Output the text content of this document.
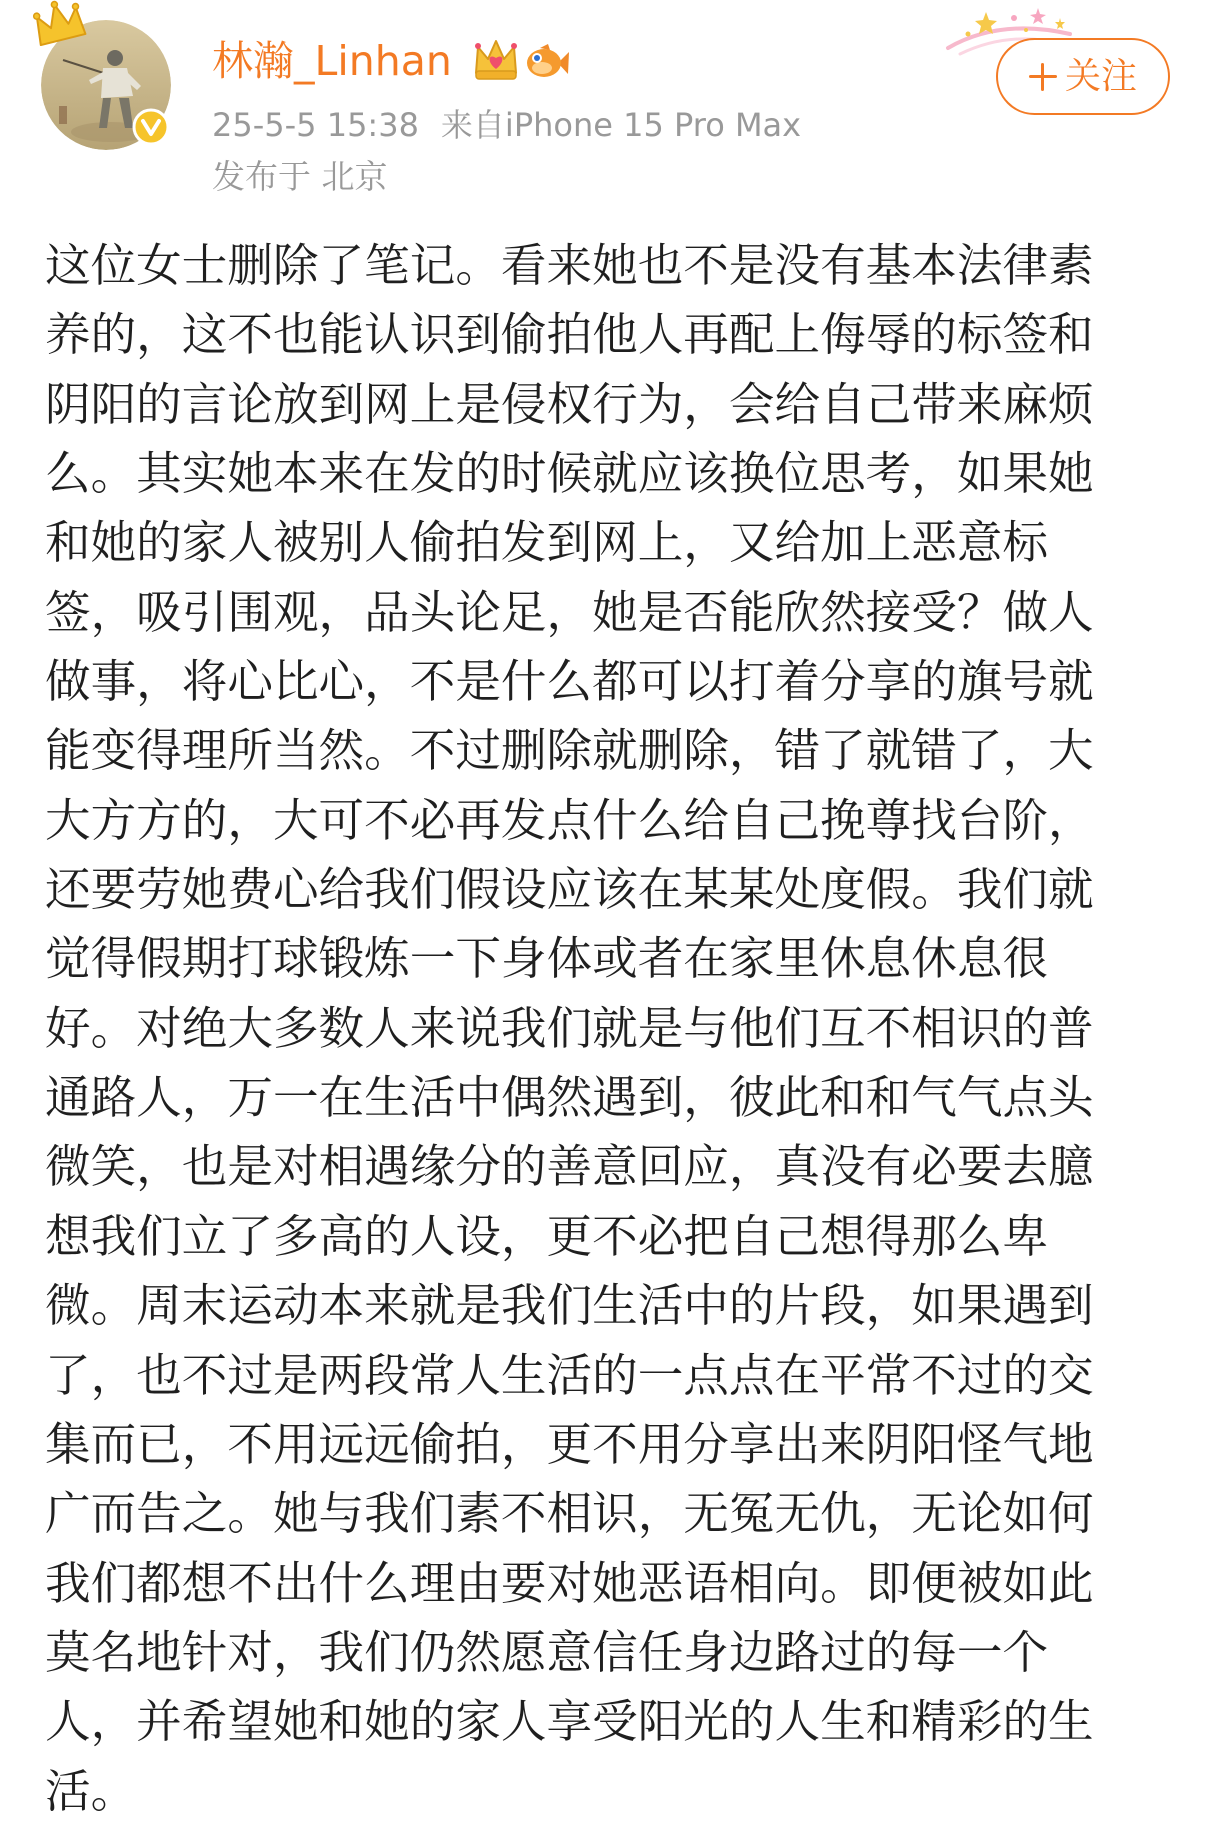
林瀚_Linhan
25-5-5 15:38 来自iPhone 15 Pro Max
发布于 北京
关注
这位女士删除了笔记。看来她也不是没有基本法律素
养的，这不也能认识到偷拍他人再配上侮辱的标签和
阴阳的言论放到网上是侵权行为，会给自己带来麻烦
么。其实她本来在发的时候就应该换位思考，如果她
和她的家人被别人偷拍发到网上，又给加上恶意标
签，吸引围观，品头论足，她是否能欣然接受？做人
做事，将心比心，不是什么都可以打着分享的旗号就
能变得理所当然。不过删除就删除，错了就错了，大
大方方的，大可不必再发点什么给自己挽尊找台阶，
还要劳她费心给我们假设应该在某某处度假。我们就
觉得假期打球锻炼一下身体或者在家里休息休息很
好。对绝大多数人来说我们就是与他们互不相识的普
通路人，万一在生活中偶然遇到，彼此和和气气点头
微笑，也是对相遇缘分的善意回应，真没有必要去臆
想我们立了多高的人设，更不必把自己想得那么卑
微。周末运动本来就是我们生活中的片段，如果遇到
了，也不过是两段常人生活的一点点在平常不过的交
集而已，不用远远偷拍，更不用分享出来阴阳怪气地
广而告之。她与我们素不相识，无冤无仇，无论如何
我们都想不出什么理由要对她恶语相向。即便被如此
莫名地针对，我们仍然愿意信任身边路过的每一个
人，并希望她和她的家人享受阳光的人生和精彩的生
活。
